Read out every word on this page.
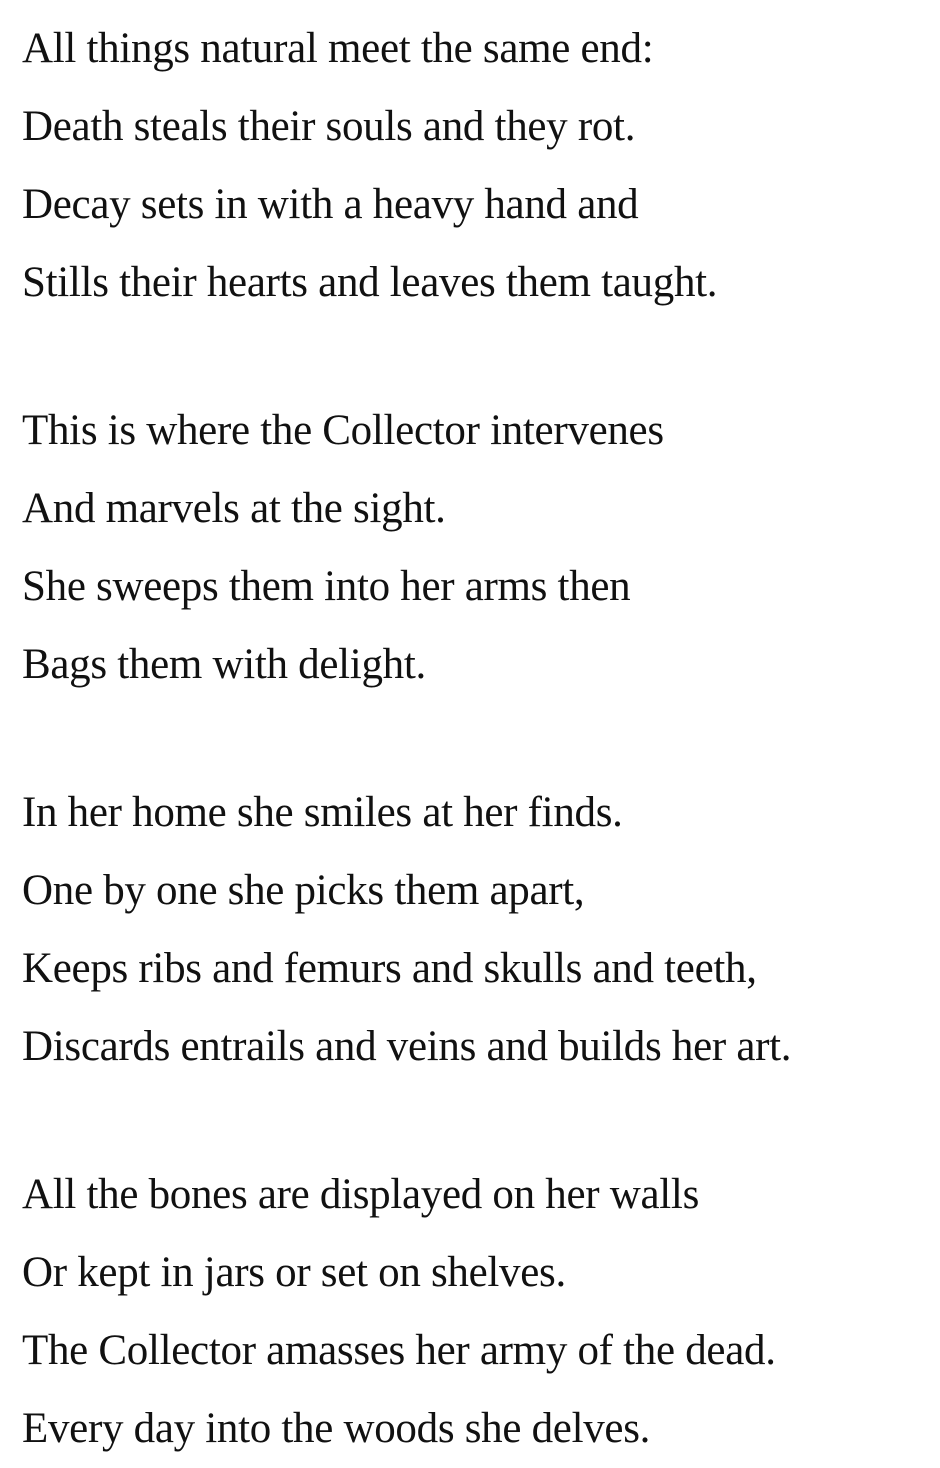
All things natural meet the same end:
Death steals their souls and they rot.
Decay sets in with a heavy hand and
Stills their hearts and leaves them taught.
This is where the Collector intervenes
And marvels at the sight.
She sweeps them into her arms then
Bags them with delight.
In her home she smiles at her finds.
One by one she picks them apart,
Keeps ribs and femurs and skulls and teeth,
Discards entrails and veins and builds her art.
All the bones are displayed on her walls
Or kept in jars or set on shelves.
The Collector amasses her army of the dead.
Every day into the woods she delves.
